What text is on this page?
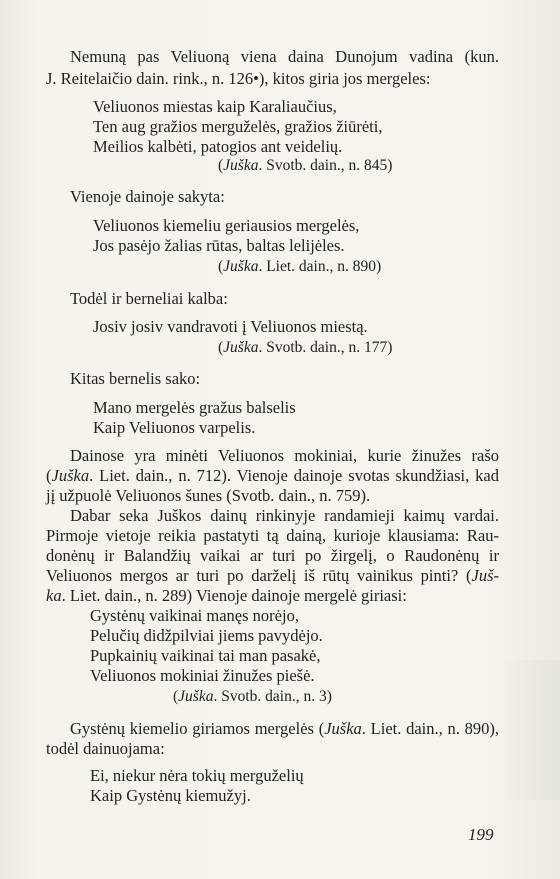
Nemuną pas Veliuoną viena daina Dunojum vadina (kun.
J. Reitelaičio dain. rink., n. 126•), kitos giria jos mergeles:
Veliuonos miestas kaip Karaliaučius,
Ten aug gražios merguželės, gražios žiūrėti,
Meilios kalbėti, patogios ant veidelių.
(Juška. Svotb. dain., n. 845)
Vienoje dainoje sakyta:
Veliuonos kiemeliu geriausios mergelės,
Jos pasėjo žalias rūtas, baltas lelijėles.
(Juška. Liet. dain., n. 890)
Todėl ir berneliai kalba:
Josiv josiv vandravoti į Veliuonos miestą.
(Juška. Svotb. dain., n. 177)
Kitas bernelis sako:
Mano mergelės gražus balselis
Kaip Veliuonos varpelis.
Dainose yra minėti Veliuonos mokiniai, kurie žinužes rašo
(Juška. Liet. dain., n. 712). Vienoje dainoje svotas skundžiasi, kad
jį užpuolė Veliuonos šunes (Svotb. dain., n. 759).
Dabar seka Juškos dainų rinkinyje randamieji kaimų vardai.
Pirmoje vietoje reikia pastatyti tą dainą, kurioje klausiama: Rau-
donėnų ir Balandžių vaikai ar turi po žirgelį, o Raudonėnų ir
Veliuonos mergos ar turi po darželį iš rūtų vainikus pinti? (Juš-
ka. Liet. dain., n. 289) Vienoje dainoje mergelė giriasi:
Gystėnų vaikinai manęs norėjo,
Pelučių didžpilviai jiems pavydėjo.
Pupkainių vaikinai tai man pasakė,
Veliuonos mokiniai žinužes piešė.
(Juška. Svotb. dain., n. 3)
Gystėnų kiemelio giriamos mergelės (Juška. Liet. dain., n. 890),
todėl dainuojama:
Ei, niekur nėra tokių merguželių
Kaip Gystėnų kiemužyj.
199
